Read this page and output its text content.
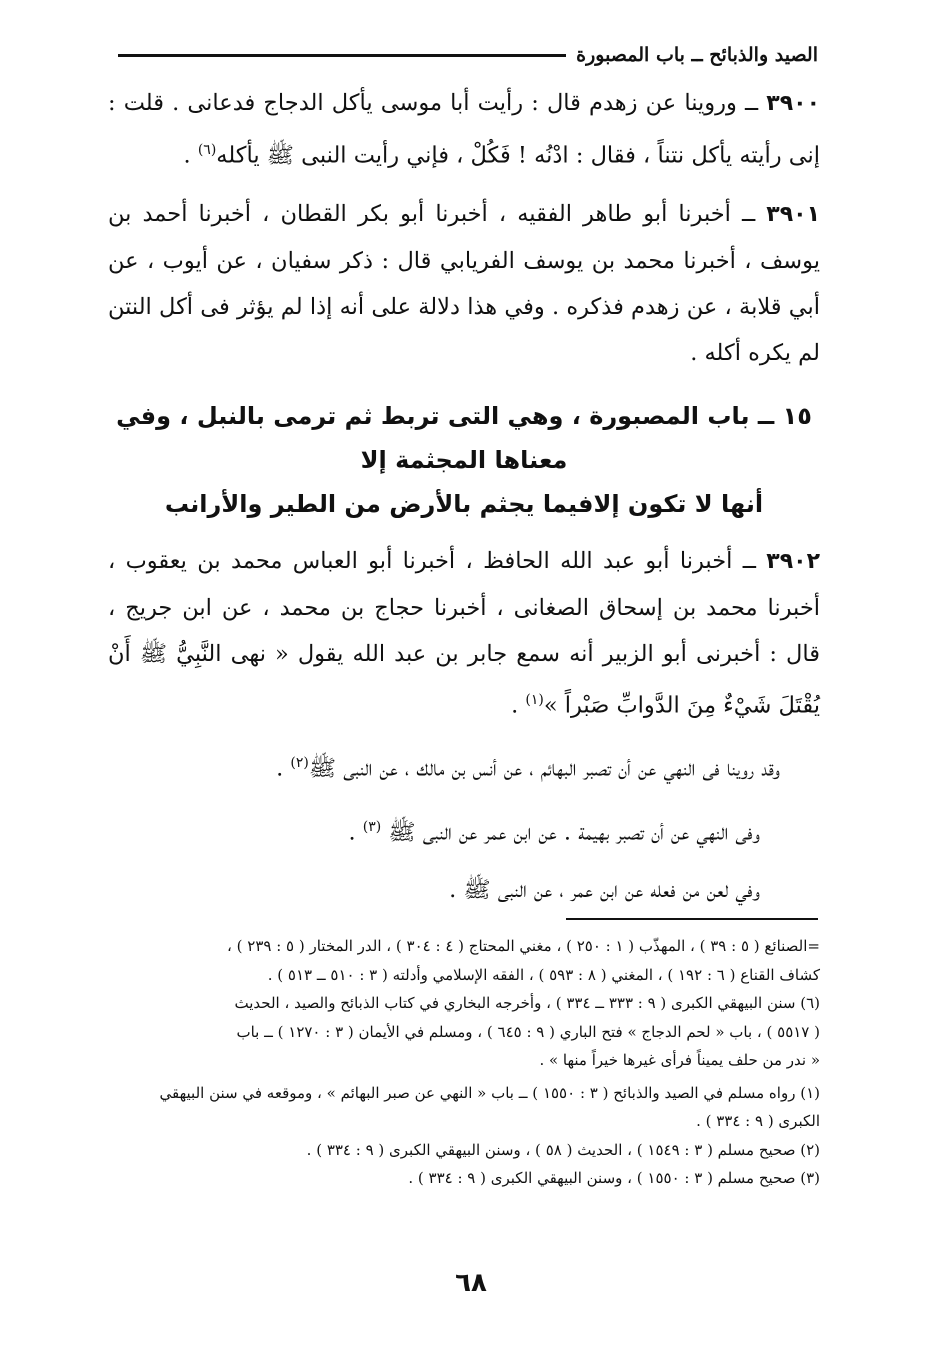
الصيد والذبائح ــ باب المصبورة

٣٩٠٠ ــ وروينا عن زهدم قال : رأيت أبا موسى يأكل الدجاج فدعانى . قلت : إنى رأيته يأكل نتناً ، فقال : ادْنُه ! فَكُلْ ، فإني رأيت النبى ﷺ يأكله$^{(٦)}$ .

٣٩٠١ ــ أخبرنا أبو طاهر الفقيه ، أخبرنا أبو بكر القطان ، أخبرنا أحمد بن يوسف ، أخبرنا محمد بن يوسف الفريابي قال : ذكر سفيان ، عن أيوب ، عن أبي قلابة ، عن زهدم فذكره . وفي هذا دلالة على أنه إذا لم يؤثر فى أكل النتن لم يكره أكله .

١٥ ــ باب المصبورة ، وهي التى تربط ثم ترمى بالنبل ، وفي معناها المجثمة إلا
أنها لا تكون إلافيما يجثم بالأرض من الطير والأرانب

٣٩٠٢ ــ أخبرنا أبو عبد الله الحافظ ، أخبرنا أبو العباس محمد بن يعقوب ، أخبرنا محمد بن إسحاق الصغانى ، أخبرنا حجاج بن محمد ، عن ابن جريج ، قال : أخبرنى أبو الزبير أنه سمع جابر بن عبد الله يقول « نهى النَّبِيُّ ﷺ أَنْ يُقْتَلَ شَيْءٌ مِنَ الدَّوابِّ صَبْراً »$^{(١)}$ .

وقد روينا فى النهي عن أن تصبر البهائم ، عن أنس بن مالك ، عن النبى ﷺ$^{(٢)}$ .

وفى النهي عن أن تصبر بهيمة . عن ابن عمر عن النبى ﷺ $^{(٣)}$ .

وفي لعن من فعله عن ابن عمر ، عن النبى ﷺ .

=الصنائع ( ٥ : ٣٩ ) ، المهذّب ( ١ : ٢٥٠ ) ، مغني المحتاج ( ٤ : ٣٠٤ ) ، الدر المختار ( ٥ : ٢٣٩ ) ،

كشاف القناع ( ٦ : ١٩٢ ) ، المغني ( ٨ : ٥٩٣ ) ، الفقه الإسلامي وأدلته ( ٣ : ٥١٠ ــ ٥١٣ ) .

(٦) سنن البيهقي الكبرى ( ٩ : ٣٣٣ ــ ٣٣٤ ) ، وأخرجه البخاري في كتاب الذبائح والصيد ، الحديث

( ٥٥١٧ ) ، باب « لحم الدجاج » فتح الباري ( ٩ : ٦٤٥ ) ، ومسلم في الأيمان ( ٣ : ١٢٧٠ ) ــ باب

« ندر من حلف يميناً فرأى غيرها خيراً منها » .

(١) رواه مسلم في الصيد والذبائح ( ٣ : ١٥٥٠ ) ــ باب « النهي عن صبر البهائم » ، وموقعه في سنن البيهقي

الكبرى ( ٩ : ٣٣٤ ) .

(٢) صحيح مسلم ( ٣ : ١٥٤٩ ) ، الحديث ( ٥٨ ) ، وسنن البيهقي الكبرى ( ٩ : ٣٣٤ ) .

(٣) صحيح مسلم ( ٣ : ١٥٥٠ ) ، وسنن البيهقي الكبرى ( ٩ : ٣٣٤ ) .

٦٨
